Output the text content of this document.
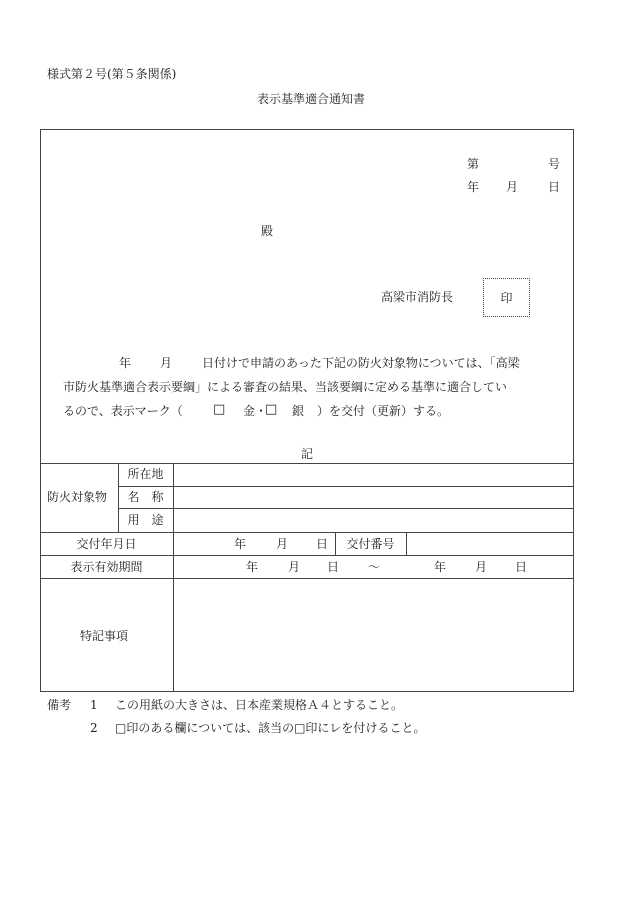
様式第２号(第５条関係)
表示基準適合通知書
第	号
年 月 日
殿
高梁市消防長	印
年 月 日付けで申請のあった下記の防火対象物については、「高梁
市防火基準適合表示要綱」による審査の結果、当該要綱に定める基準に適合してい
るので、表示マーク（ □ 金・
□ 銀 ）を交付（更新）する。
記
防火対象物
所在地
名　称
用　途
交付年月日	年 月 日	交付番号
表示有効期間	年 月 日 ～	年 月 日
特記事項
備考 1 この用紙の大きさは、日本産業規格Ａ４とすること。
2 □印のある欄については、該当の□印にレを付けること。
